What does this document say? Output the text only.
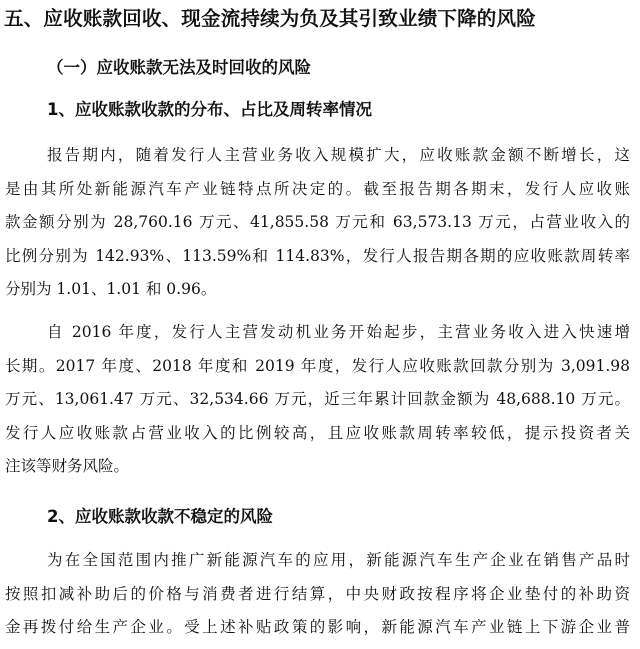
五、应收账款回收、现金流持续为负及其引致业绩下降的风险
（一）应收账款无法及时回收的风险
1、应收账款收款的分布、占比及周转率情况
报告期内，随着发行人主营业务收入规模扩大，应收账款金额不断增长，这
是由其所处新能源汽车产业链特点所决定的。截至报告期各期末，发行人应收账
款金额分别为 28,760.16 万元、41,855.58 万元和 63,573.13 万元，占营业收入的
比例分别为 142.93%、113.59%和 114.83%，发行人报告期各期的应收账款周转率
分别为 1.01、1.01 和 0.96。
自 2016 年度，发行人主营发动机业务开始起步，主营业务收入进入快速增
长期。2017 年度、2018 年度和 2019 年度，发行人应收账款回款分别为 3,091.98
万元、13,061.47 万元、32,534.66 万元，近三年累计回款金额为 48,688.10 万元。
发行人应收账款占营业收入的比例较高，且应收账款周转率较低，提示投资者关
注该等财务风险。
2、应收账款收款不稳定的风险
为在全国范围内推广新能源汽车的应用，新能源汽车生产企业在销售产品时
按照扣减补助后的价格与消费者进行结算，中央财政按程序将企业垫付的补助资
金再拨付给生产企业。受上述补贴政策的影响，新能源汽车产业链上下游企业普
